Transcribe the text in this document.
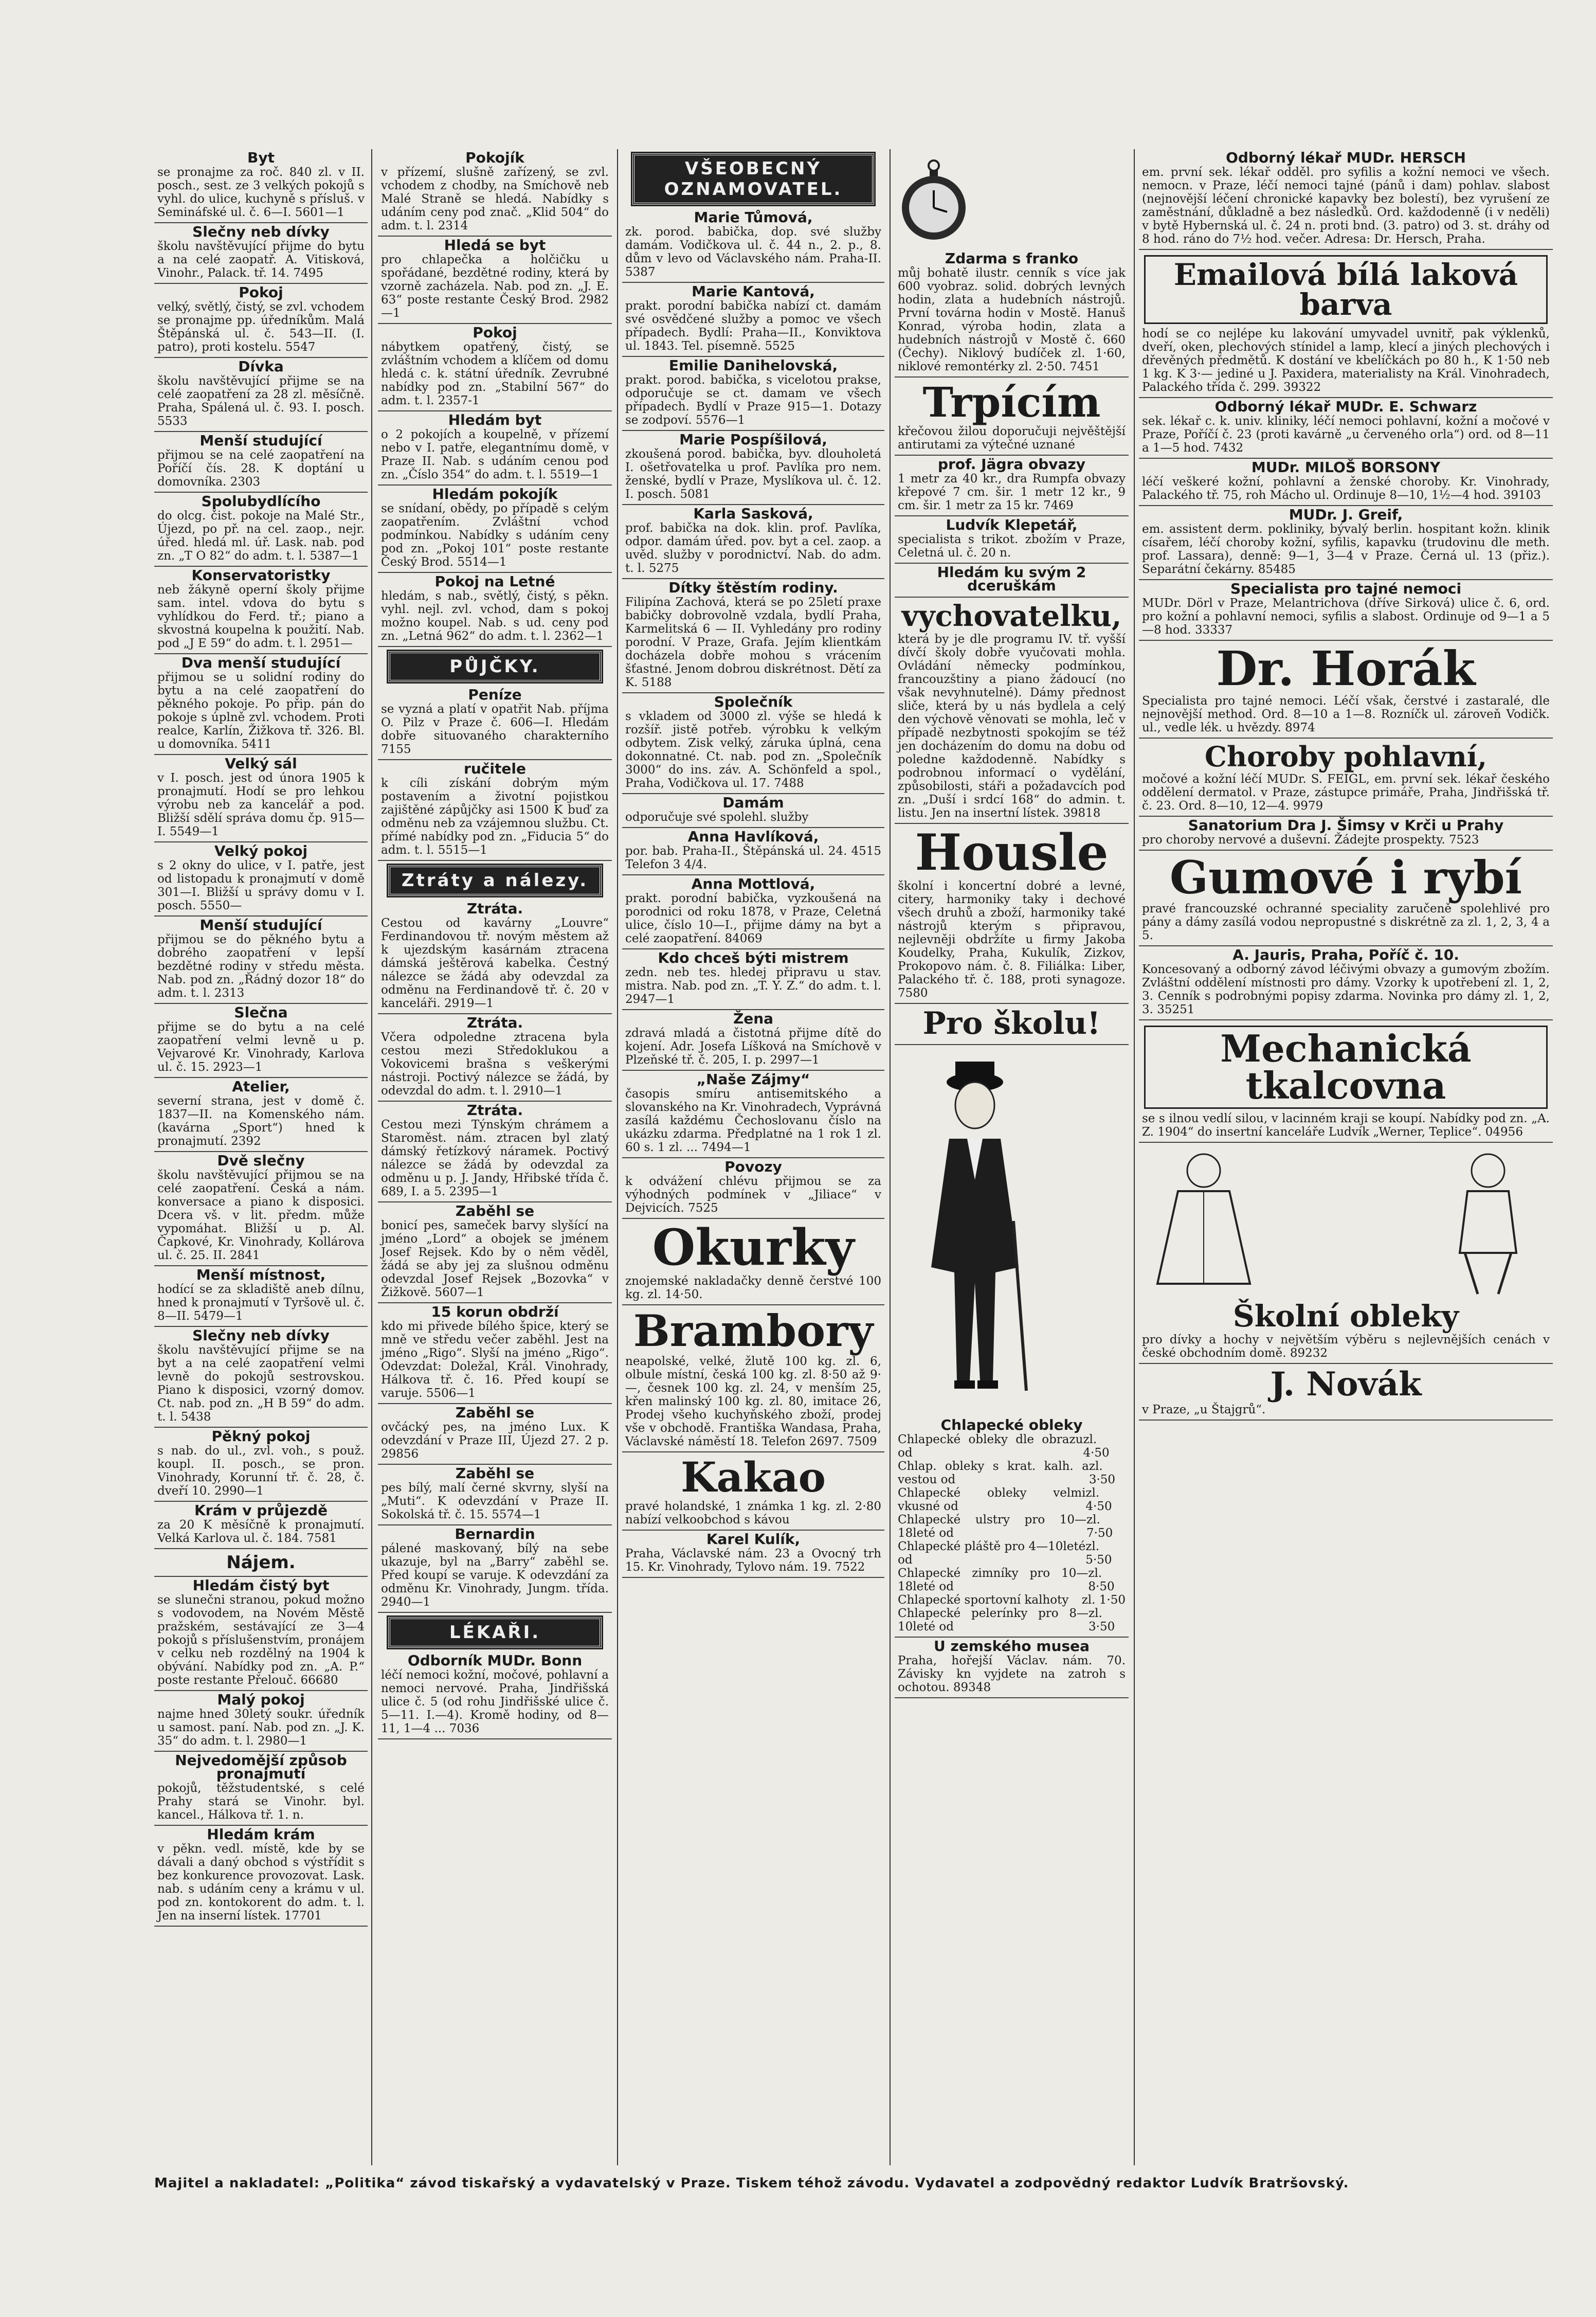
Byt

se pronajme za roč. 840 zl. v II. posch., sest. ze 3 velkých pokojů s vyhl. do ulice, kuchyně s přísluš. v Semináfské ul. č. 6—I. 5601—1

Slečny neb dívky

školu navštěvující přijme do bytu a na celé zaopatř. A. Vitisková, Vinohr., Palack. tř. 14. 7495

Pokoj

velký, světlý, čistý, se zvl. vchodem se pronajme pp. úředníkům. Malá Štěpánská ul. č. 543—II. (I. patro), proti kostelu. 5547

Dívka

školu navštěvující přijme se na celé zaopatření za 28 zl. měsíčně. Praha, Spálená ul. č. 93. I. posch. 5533

Menší studující

přijmou se na celé zaopatření na Poříčí čís. 28. K doptání u domovníka. 2303

Spolubydlícího

do olcg. čist. pokoje na Malé Str., Újezd, po př. na cel. zaop., nejr. úřed. hledá ml. úř. Lask. nab. pod zn. „T O 82“ do adm. t. l. 5387—1

Konservatoristky

neb žákyně operní školy přijme sam. intel. vdova do bytu s vyhlídkou do Ferd. tř.; piano a skvostná koupelna k použití. Nab. pod „J E 59“ do adm. t. l. 2951—

Dva menší studující

přijmou se u solidní rodiny do bytu a na celé zaopatření do pěkného pokoje. Po přip. pán do pokoje s úplně zvl. vchodem. Proti realce, Karlín, Žižkova tř. 326. Bl. u domovníka. 5411

Velký sál

v I. posch. jest od února 1905 k pronajmutí. Hodí se pro lehkou výrobu neb za kancelář a pod. Bližší sdělí správa domu čp. 915—I. 5549—1

Velký pokoj

s 2 okny do ulice, v I. patře, jest od listopadu k pronajmutí v domě 301—I. Bližší u správy domu v I. posch. 5550—

Menší studující

přijmou se do pěkného bytu a dobrého zaopatření v lepší bezdětné rodiny v středu města. Nab. pod zn. „Řádný dozor 18“ do adm. t. l. 2313

Slečna

přijme se do bytu a na celé zaopatření velmi levně u p. Vejvarové Kr. Vinohrady, Karlova ul. č. 15. 2923—1

Atelier,

severní strana, jest v domě č. 1837—II. na Komenského nám. (kavárna „Sport“) hned k pronajmutí. 2392

Dvě slečny

školu navštěvující přijmou se na celé zaopatření. Česká a nám. konversace a piano k disposici. Dcera vš. v lit. předm. může vypomáhat. Bližší u p. Al. Čapkové, Kr. Vinohrady, Kollárova ul. č. 25. II. 2841

Menší místnost,

hodící se za skladiště aneb dílnu, hned k pronajmutí v Tyršově ul. č. 8—II. 5479—1

Slečny neb dívky

školu navštěvující přijme se na byt a na celé zaopatření velmi levně do pokojů sestrovskou. Piano k disposici, vzorný domov. Ct. nab. pod zn. „H B 59“ do adm. t. l. 5438

Pěkný pokoj

s nab. do ul., zvl. voh., s použ. koupl. II. posch., se pron. Vinohrady, Korunní tř. č. 28, č. dveří 10. 2990—1

Krám v průjezdě

za 20 K měsíčně k pronajmutí. Velká Karlova ul. č. 184. 7581

Nájem.
Hledám čistý byt

se slunečni stranou, pokud možno s vodovodem, na Novém Městě pražském, sestávající ze 3—4 pokojů s příslušenstvím, pronájem v celku neb rozdělný na 1904 k obývání. Nabídky pod zn. „A. P.“ poste restante Přelouč. 66680

Malý pokoj

najme hned 30letý soukr. úředník u samost. paní. Nab. pod zn. „J. K. 35“ do adm. t. l. 2980—1

Nejvedomější způsob pronajmutí

pokojů, těžstudentské, s celé Prahy stará se Vinohr. byl. kancel., Hálkova tř. 1. n.

Hledám krám

v pěkn. vedl. místě, kde by se dávali a daný obchod s výstřídit s bez konkurence provozovat. Lask. nab. s udáním ceny a krámu v ul. pod zn. kontokorent do adm. t. l. Jen na inserní lístek. 17701

Pokojík

v přízemí, slušně zařízený, se zvl. vchodem z chodby, na Smíchově neb Malé Straně se hledá. Nabídky s udáním ceny pod znač. „Klid 504“ do adm. t. l. 2314

Hledá se byt

pro chlapečka a holčičku u spořádané, bezdětné rodiny, která by vzorně zacházela. Nab. pod zn. „J. E. 63“ poste restante Český Brod. 2982—1

Pokoj

nábytkem opatřený, čistý, se zvláštním vchodem a klíčem od domu hledá c. k. státní úředník. Zevrubné nabídky pod zn. „Stabilní 567“ do adm. t. l. 2357-1

Hledám byt

o 2 pokojích a koupelně, v přízemí nebo v I. patře, elegantnímu domě, v Praze II. Nab. s udáním cenou pod zn. „Číslo 354“ do adm. t. l. 5519—1

Hledám pokojík

se snídaní, obědy, po případě s celým zaopatřením. Zvláštní vchod podmínkou. Nabídky s udáním ceny pod zn. „Pokoj 101“ poste restante Český Brod. 5514—1

Pokoj na Letné

hledám, s nab., světlý, čistý, s pěkn. vyhl. nejl. zvl. vchod, dam s pokoj možno koupel. Nab. s ud. ceny pod zn. „Letná 962“ do adm. t. l. 2362—1

PŮJČKY.
Peníze

se vyzná a platí v opatřit Nab. příjma O. Pilz v Praze č. 606—I. Hledám dobře situovaného charakterního 7155

ručitele

k cíli získání dobrým mým postavením a životní pojistkou zajištěné zápůjčky asi 1500 K buď za odměnu neb za vzájemnou službu. Ct. přímé nabídky pod zn. „Fiducia 5“ do adm. t. l. 5515—1

Ztráty a nálezy.
Ztráta.

Cestou od kavárny „Louvre“ Ferdinandovou tř. novým městem až k ujezdským kasárnám ztracena dámská ještěrová kabelka. Čestný nálezce se žádá aby odevzdal za odměnu na Ferdinandově tř. č. 20 v kanceláři. 2919—1

Ztráta.

Včera odpoledne ztracena byla cestou mezi Středoklukou a Vokovicemi brašna s veškerými nástroji. Poctivý nálezce se žádá, by odevzdal do adm. t. l. 2910—1

Ztráta.

Cestou mezi Týnským chrámem a Staroměst. nám. ztracen byl zlatý dámský řetízkový náramek. Poctivý nálezce se žádá by odevzdal za odměnu u p. J. Jandy, Hřibské třída č. 689, I. a 5. 2395—1

Zaběhl se

bonicí pes, sameček barvy slyšící na jméno „Lord“ a obojek se jménem Josef Rejsek. Kdo by o něm věděl, žádá se aby jej za slušnou odměnu odevzdal Josef Rejsek „Bozovka“ v Žižkově. 5607—1

15 korun obdrží

kdo mi přivede bílého špice, který se mně ve středu večer zaběhl. Jest na jméno „Rigo“. Slyší na jméno „Rigo“. Odevzdat: Doležal, Král. Vinohrady, Hálkova tř. č. 16. Před koupí se varuje. 5506—1

Zaběhl se

ovčácký pes, na jméno Lux. K odevzdání v Praze III, Újezd 27. 2 p. 29856

Zaběhl se

pes bílý, malí černé skvrny, slyší na „Muti“. K odevzdání v Praze II. Sokolská tř. č. 15. 5574—1

Bernardin

pálené maskovaný, bílý na sebe ukazuje, byl na „Barry“ zaběhl se. Před koupí se varuje. K odevzdání za odměnu Kr. Vinohrady, Jungm. třída. 2940—1

LÉKAŘI.
Odborník MUDr. Bonn

léčí nemoci kožní, močové, pohlavní a nemoci nervové. Praha, Jindřišská ulice č. 5 (od rohu Jindřišské ulice č. 5—11. I.—4). Kromě hodiny, od 8—11, 1—4 ... 7036

VŠEOBECNÝ OZNAMOVATEL.
Marie Tůmová,

zk. porod. babička, dop. své služby damám. Vodičkova ul. č. 44 n., 2. p., 8. dům v levo od Václavského nám. Praha-II. 5387

Marie Kantová,

prakt. porodní babička nabízí ct. damám své osvědčené služby a pomoc ve všech případech. Bydlí: Praha—II., Konviktova ul. 1843. Tel. písemně. 5525

Emilie Danihelovská,

prakt. porod. babička, s vicelotou prakse, odporučuje se ct. damam ve všech případech. Bydlí v Praze 915—1. Dotazy se zodpoví. 5576—1

Marie Pospíšilová,

zkoušená porod. babička, byv. dlouholetá I. ošetřovatelka u prof. Pavlíka pro nem. ženské, bydlí v Praze, Myslíkova ul. č. 12. I. posch. 5081

Karla Sasková,

prof. babička na dok. klin. prof. Pavlíka, odpor. damám úřed. pov. byt a cel. zaop. a uvěd. služby v porodnictví. Nab. do adm. t. l. 5275

Dítky štěstím rodiny.

Filipína Zachová, která se po 25letí praxe babičky dobrovolně vzdala, bydlí Praha, Karmelitská 6 — II. Vyhledány pro rodiny porodní. V Praze, Grafa. Jejím klientkám docházela dobře mohou s vrácením šťastné. Jenom dobrou diskrétnost. Dětí za K. 5188

Společník

s vkladem od 3000 zl. výše se hledá k rozšíř. jistě potřeb. výrobku k velkým odbytem. Zisk velký, záruka úplná, cena dokonnatné. Ct. nab. pod zn. „Společník 3000“ do ins. záv. A. Schönfeld a spol., Praha, Vodičkova ul. 17. 7488

Damám

odporučuje své spolehl. služby

Anna Havlíková,

por. bab. Praha-II., Štěpánská ul. 24. 4515 Telefon 3 4/4.

Anna Mottlová,

prakt. porodní babička, vyzkoušená na porodnici od roku 1878, v Praze, Celetná ulice, číslo 10—I., přijme dámy na byt a celé zaopatření. 84069

Kdo chceš býti mistrem

zedn. neb tes. hledej připravu u stav. mistra. Nab. pod zn. „T. Y. Z.“ do adm. t. l. 2947—1

Žena

zdravá mladá a čistotná přijme dítě do kojení. Adr. Josefa Líšková na Smíchově v Plzeňské tř. č. 205, I. p. 2997—1

„Naše Zájmy“

časopis smíru antisemitského a slovanského na Kr. Vinohradech, Vyprávná zasílá každému Čechoslovanu číslo na ukázku zdarma. Předplatné na 1 rok 1 zl. 60 s. 1 zl. ... 7494—1

Povozy

k odvážení chlévu přijmou se za výhodných podmínek v „Jiliace“ v Dejvicích. 7525

Okurky

znojemské nakladačky denně čerstvé 100 kg. zl. 14·50.

Brambory

neapolské, velké, žlutě 100 kg. zl. 6, olbule místní, česká 100 kg. zl. 8·50 až 9·—, česnek 100 kg. zl. 24, v menším 25, křen malinský 100 kg. zl. 80, imitace 26, Prodej všeho kuchyňského zboží, prodej vše v obchodě. Františka Wandasa, Praha, Václavské náměstí 18. Telefon 2697. 7509

Kakao

pravé holandské, 1 známka 1 kg. zl. 2·80 nabízí velkoobchod s kávou

Karel Kulík,

Praha, Václavské nám. 23 a Ovocný trh 15. Kr. Vinohrady, Tylovo nám. 19. 7522

Zdarma s franko

můj bohatě ilustr. cenník s více jak 600 vyobraz. solid. dobrých levných hodin, zlata a hudebních nástrojů. První továrna hodin v Mostě. Hanuš Konrad, výroba hodin, zlata a hudebních nástrojů v Mostě č. 660 (Čechy). Niklový budíček zl. 1·60, niklové remontérky zl. 2·50. 7451

Trpícím

křečovou žilou doporučuji nejvěštější antirutami za výtečné uznané

prof. Jägra obvazy

1 metr za 40 kr., dra Rumpfa obvazy křepové 7 cm. šir. 1 metr 12 kr., 9 cm. šir. 1 metr za 15 kr. 7469

Ludvík Klepetář,

specialista s trikot. zbožím v Praze, Celetná ul. č. 20 n.

Hledám ku svým 2 dceruškám
vychovatelku,

která by je dle programu IV. tř. vyšší dívčí školy dobře vyučovati mohla. Ovládání německy podmínkou, francouzštiny a piano žádoucí (no však nevyhnutelné). Dámy přednost sliče, která by u nás bydlela a celý den výchově věnovati se mohla, leč v případě nezbytnosti spokojím se též jen docházením do domu na dobu od poledne každodenně. Nabídky s podrobnou informací o vydělání, způsobilosti, stáři a požadavcích pod zn. „Duší i srdcí 168“ do admin. t. listu. Jen na insertní lístek. 39818

Housle

školní i koncertní dobré a levné, citery, harmoniky taky i dechové všech druhů a zboží, harmoniky také nástrojů kterým s připravou, nejlevněji obdržíte u firmy Jakoba Koudelky, Praha, Kukulík, Zizkov, Prokopovo nám. č. 8. Filiálka: Liber, Palackého tř. č. 188, proti synagoze. 7580

Pro školu!
Chlapecké obleky
Chlapecké obleky dle obrazu od
zl. 4·50
Chlap. obleky s krat. kalh. a vestou od
zl. 3·50
Chlapecké obleky velmi vkusné od
zl. 4·50
Chlapecké ulstry pro 10—18leté od
zl. 7·50
Chlapecké pláště pro 4—10leté od
zl. 5·50
Chlapecké zimníky pro 10—18leté od
zl. 8·50
Chlapecké sportovní kalhoty zl. 1·50
Chlapecké pelerínky pro 8—10leté od
zl. 3·50
U zemského musea

Praha, hořejší Václav. nám. 70. Závisky kn vyjdete na zatroh s ochotou. 89348

Odborný lékař MUDr. HERSCH

em. první sek. lékař odděl. pro syfilis a kožní nemoci ve všech. nemocn. v Praze, léčí nemoci tajné (pánů i dam) pohlav. slabost (nejnovější léčení chronické kapavky bez bolestí), bez vyrušení ze zaměstnání, důkladně a bez následků. Ord. každodenně (i v neděli) v bytě Hybernská ul. č. 24 n. proti bnd. (3. patro) od 3. st. dráhy od 8 hod. ráno do 7½ hod. večer. Adresa: Dr. Hersch, Praha.

Emailová bílá laková barva

hodí se co nejlépe ku lakování umyvadel uvnitř, pak výklenků, dveří, oken, plechových stínidel a lamp, klecí a jiných plechových i dřevěných předmětů. K dostání ve kbelíčkách po 80 h., K 1·50 neb 1 kg. K 3·— jediné u J. Paxidera, materialisty na Král. Vinohradech, Palackého třída č. 299. 39322

Odborný lékař MUDr. E. Schwarz

sek. lékař c. k. univ. kliniky, léčí nemoci pohlavní, kožní a močové v Praze, Poříčí č. 23 (proti kavárně „u červeného orla“) ord. od 8—11 a 1—5 hod. 7432

MUDr. MILOŠ BORSONY

léčí veškeré kožní, pohlavní a ženské choroby. Kr. Vinohrady, Palackého tř. 75, roh Mácho ul. Ordinuje 8—10, 1½—4 hod. 39103

MUDr. J. Greif,

em. assistent derm. pokliniky, bývalý berlin. hospitant kožn. klinik císařem, léčí choroby kožní, syfilis, kapavku (trudovinu dle meth. prof. Lassara), denně: 9—1, 3—4 v Praze. Černá ul. 13 (přiz.). Separátní čekárny. 85485

Specialista pro tajné nemoci

MUDr. Dörl v Praze, Melantrichova (dříve Sirková) ulice č. 6, ord. pro kožní a pohlavní nemoci, syfilis a slabost. Ordinuje od 9—1 a 5—8 hod. 33337

Dr. Horák

Specialista pro tajné nemoci. Léčí však, čerstvé i zastaralé, dle nejnovější method. Ord. 8—10 a 1—8. Rozníčk ul. zároveň Vodičk. ul., vedle lék. u hvězdy. 8974

Choroby pohlavní,

močové a kožní léčí MUDr. S. FEIGL, em. první sek. lékař českého oddělení dermatol. v Praze, zástupce primáře, Praha, Jindřišská tř. č. 23. Ord. 8—10, 12—4. 9979

Sanatorium Dra J. Šimsy v Krči u Prahy

pro choroby nervové a duševní. Žádejte prospekty. 7523

Gumové i rybí

pravé francouzské ochranné speciality zaručeně spolehlivé pro pány a dámy zasílá vodou nepropustné s diskrétně za zl. 1, 2, 3, 4 a 5.

A. Jauris, Praha, Poříč č. 10.

Koncesovaný a odborný závod léčivými obvazy a gumovým zbožím. Zvláštní oddělení místnosti pro dámy. Vzorky k upotřebení zl. 1, 2, 3. Cenník s podrobnými popisy zdarma. Novinka pro dámy zl. 1, 2, 3. 35251

Mechanická tkalcovna

se s ilnou vedlí silou, v lacinném kraji se koupí. Nabídky pod zn. „A. Z. 1904“ do insertní kanceláře Ludvík „Werner, Teplice“. 04956

Školní obleky

pro dívky a hochy v největším výběru s nejlevnějších cenách v české obchodním domě. 89232

J. Novák

v Praze, „u Štajgrů“.

Majitel a nakladatel: „Politika“ závod tiskařský a vydavatelský v Praze. Tiskem téhož závodu. Vydavatel a zodpovědný redaktor Ludvík Bratršovský.
